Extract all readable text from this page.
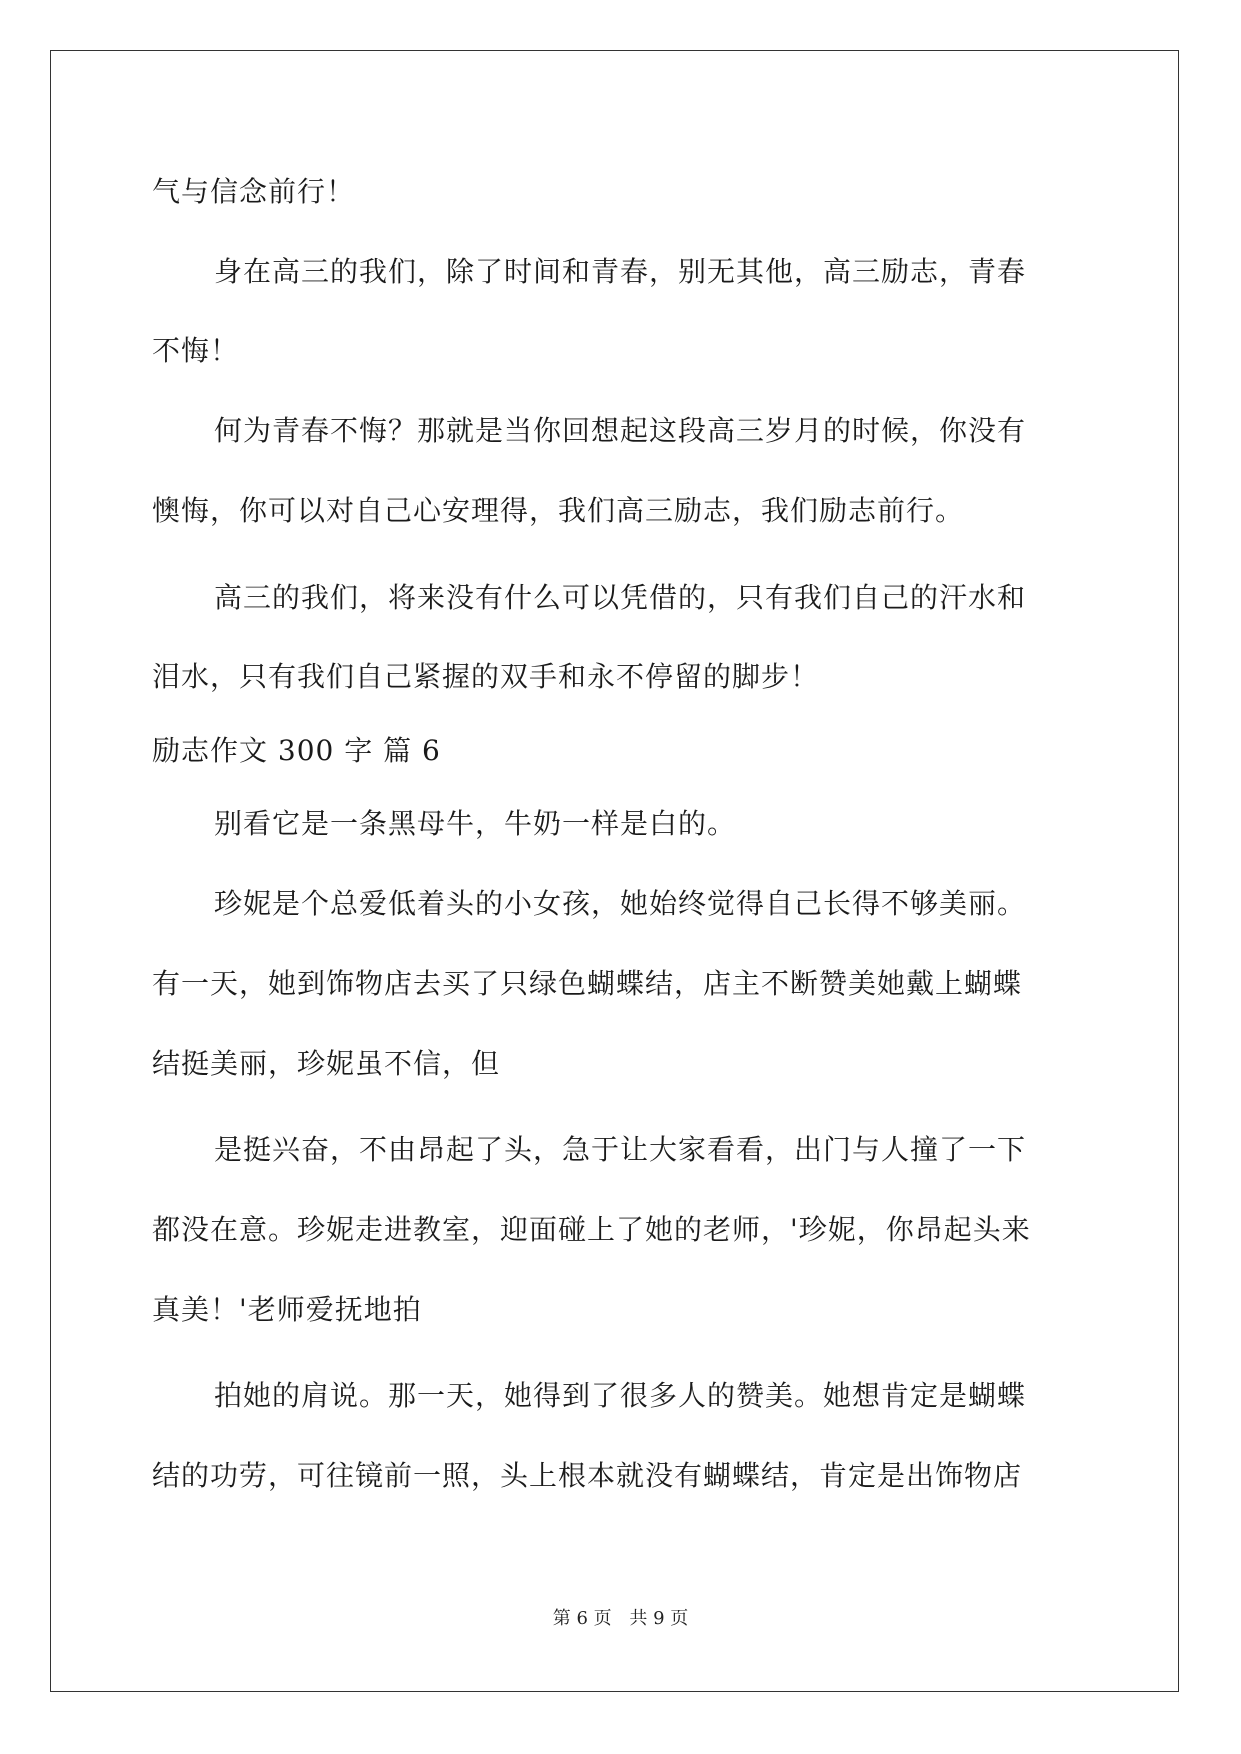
气与信念前行！
身在高三的我们，除了时间和青春，别无其他，高三励志，青春
不悔！
何为青春不悔？那就是当你回想起这段高三岁月的时候，你没有
懊悔，你可以对自己心安理得，我们高三励志，我们励志前行。
高三的我们，将来没有什么可以凭借的，只有我们自己的汗水和
泪水，只有我们自己紧握的双手和永不停留的脚步！
励志作文 300 字 篇 6
别看它是一条黑母牛，牛奶一样是白的。
珍妮是个总爱低着头的小女孩，她始终觉得自己长得不够美丽。
有一天，她到饰物店去买了只绿色蝴蝶结，店主不断赞美她戴上蝴蝶
结挺美丽，珍妮虽不信，但
是挺兴奋，不由昂起了头，急于让大家看看，出门与人撞了一下
都没在意。珍妮走进教室，迎面碰上了她的老师，'珍妮，你昂起头来
真美！'老师爱抚地拍
拍她的肩说。那一天，她得到了很多人的赞美。她想肯定是蝴蝶
结的功劳，可往镜前一照，头上根本就没有蝴蝶结，肯定是出饰物店
第 6 页 共 9 页
